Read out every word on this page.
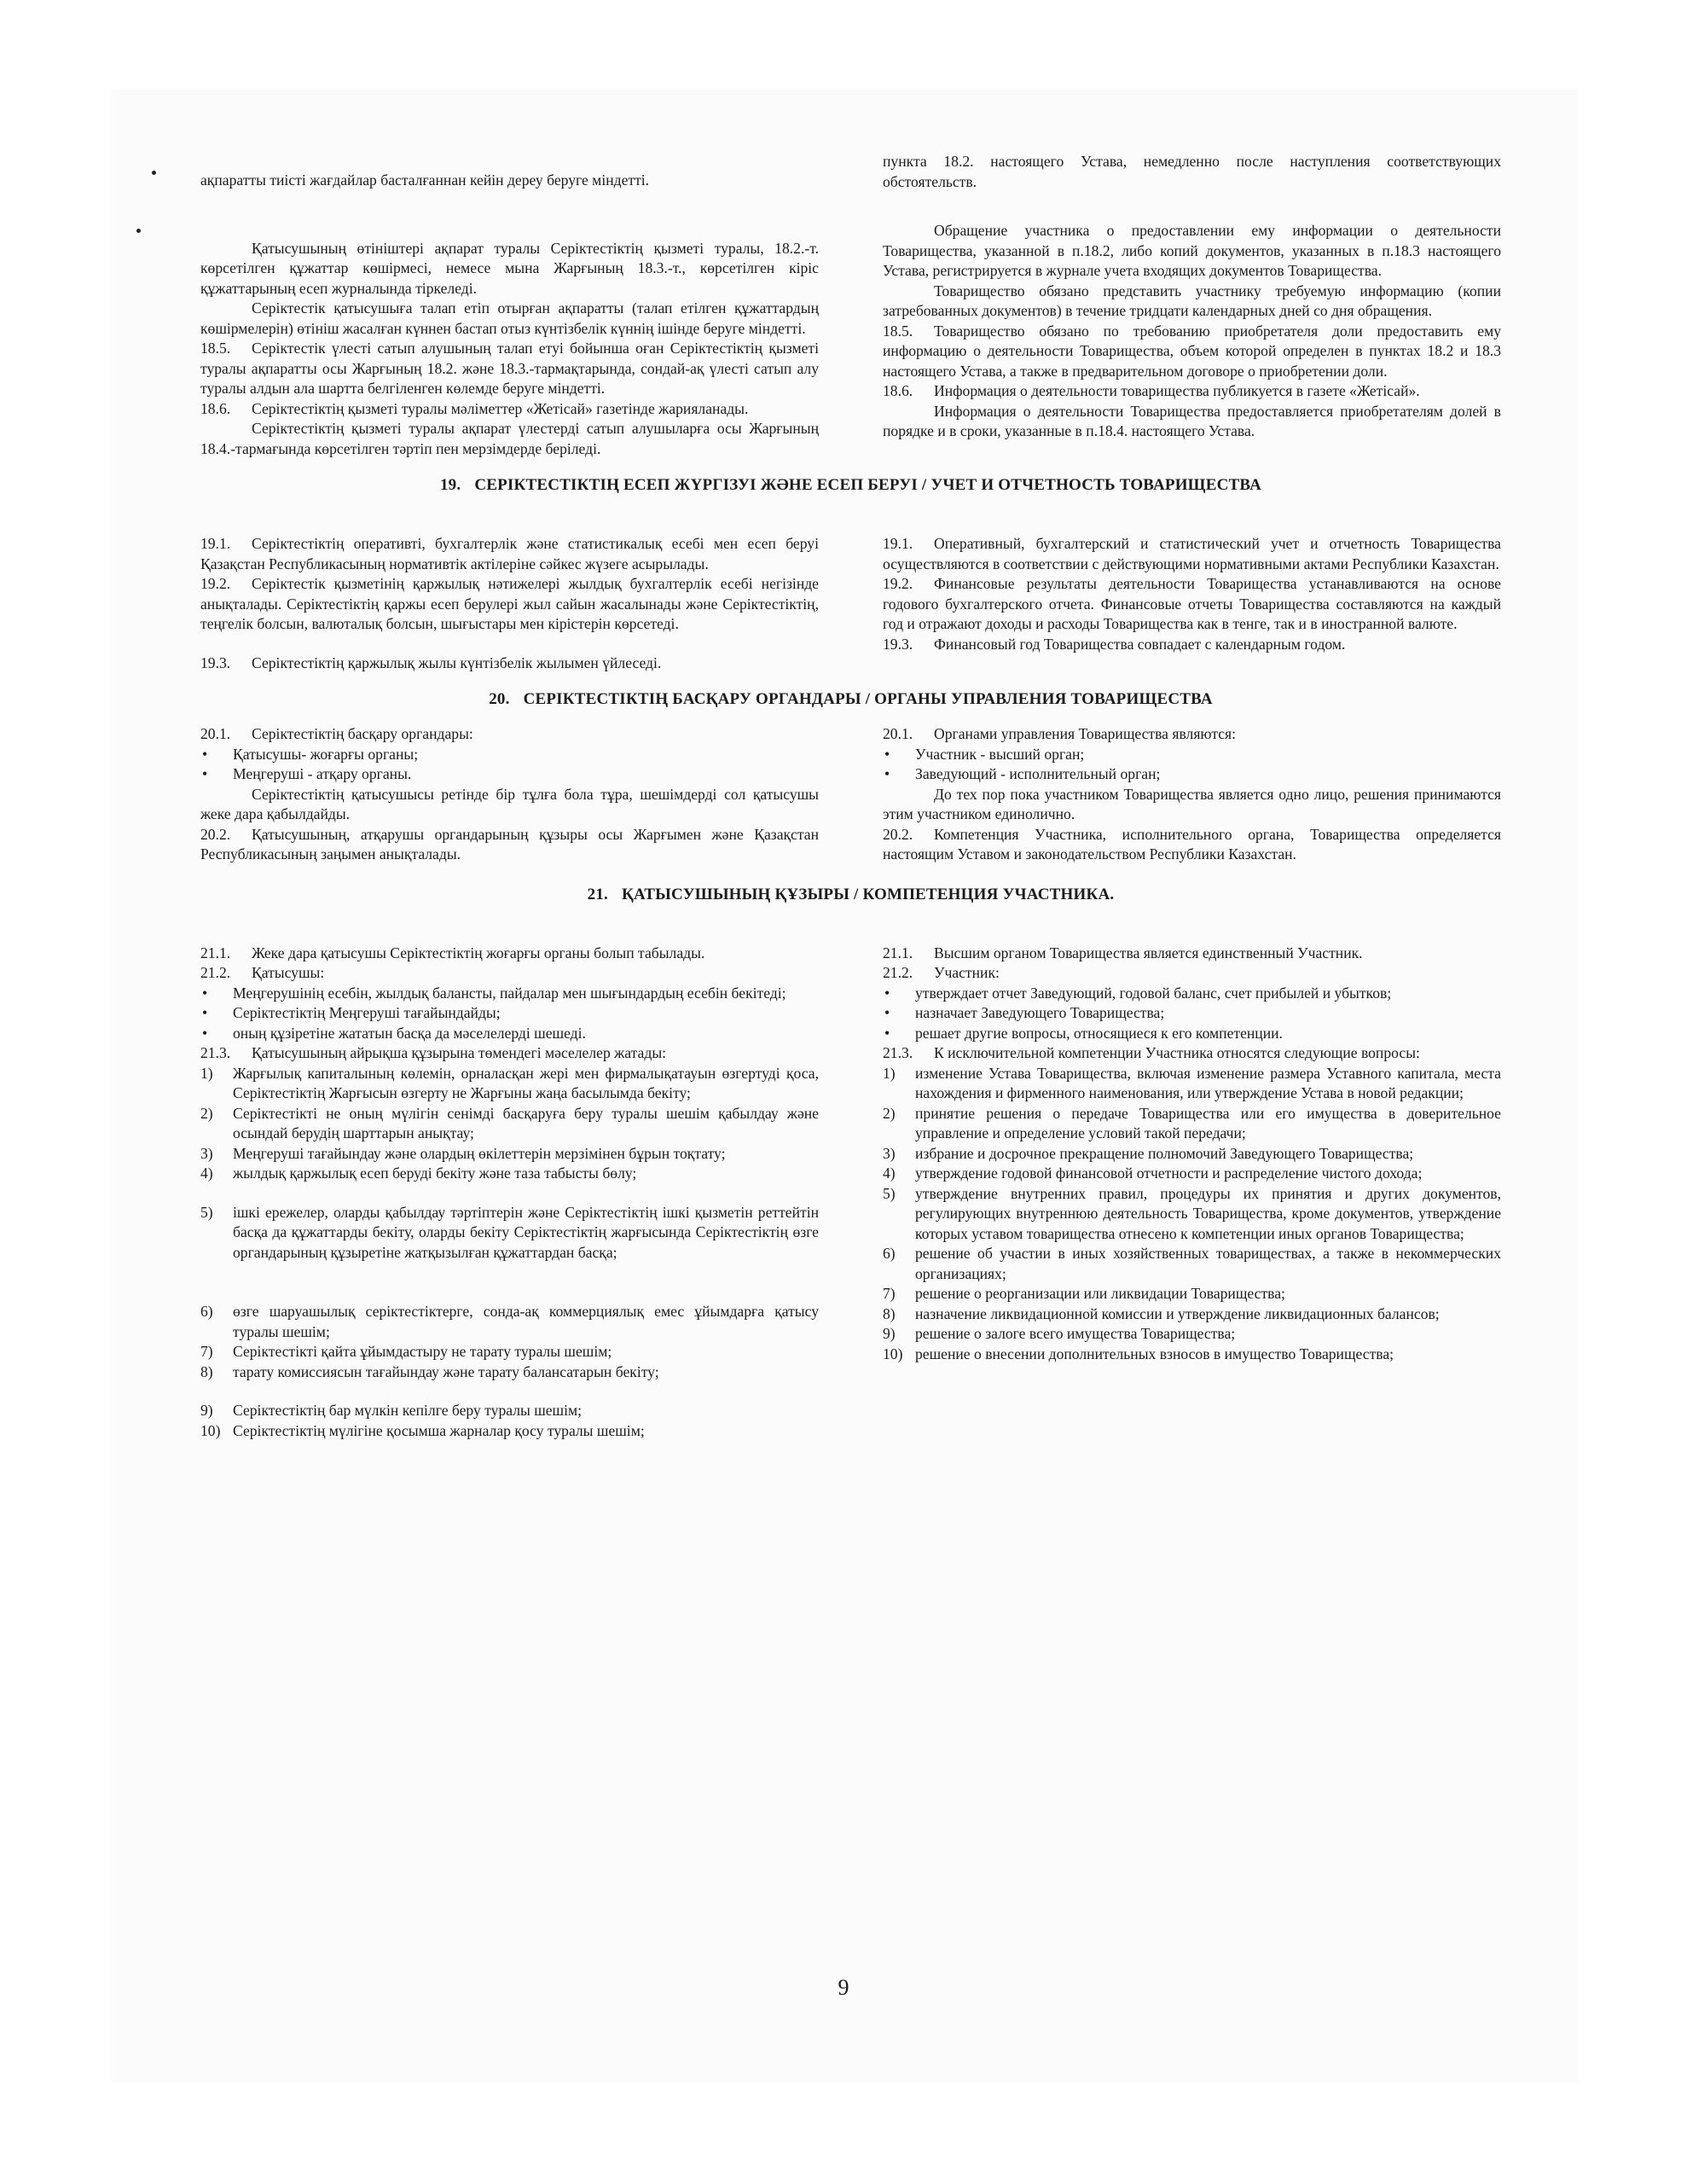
ақпаратты тиісті жағдайлар басталғаннан кейін дереу беруге міндетті.

Қатысушының өтініштері ақпарат туралы Серіктестіктің қызметі туралы, 18.2.-т. көрсетілген құжаттар көшірмесі, немесе мына Жарғының 18.3.-т., көрсетілген кіріс құжаттарының есеп журналында тіркеледі.

Серіктестік қатысушыға талап етіп отырған ақпаратты (талап етілген құжаттардың көшірмелерін) өтініш жасалған күннен бастап отыз күнтізбелік күннің ішінде беруге міндетті.

18.5. Серіктестік үлесті сатып алушының талап етуі бойынша оған Серіктестіктің қызметі туралы ақпаратты осы Жарғының 18.2. және 18.3.-тармақтарында, сондай-ақ үлесті сатып алу туралы алдын ала шартта белгіленген көлемде беруге міндетті.

18.6. Серіктестіктің қызметі туралы мәліметтер «Жетісай» газетінде жарияланады.

Серіктестіктің қызметі туралы ақпарат үлестерді сатып алушыларға осы Жарғының 18.4.-тармағында көрсетілген тәртіп пен мерзімдерде беріледі.

пункта 18.2. настоящего Устава, немедленно после наступления соответствующих обстоятельств.

Обращение участника о предоставлении ему информации о деятельности Товарищества, указанной в п.18.2, либо копий документов, указанных в п.18.3 настоящего Устава, регистрируется в журнале учета входящих документов Товарищества.

Товарищество обязано представить участнику требуемую информацию (копии затребованных документов) в течение тридцати календарных дней со дня обращения.

18.5. Товарищество обязано по требованию приобретателя доли предоставить ему информацию о деятельности Товарищества, объем которой определен в пунктах 18.2 и 18.3 настоящего Устава, а также в предварительном договоре о приобретении доли.

18.6. Информация о деятельности товарищества публикуется в газете «Жетісай».

Информация о деятельности Товарищества предоставляется приобретателям долей в порядке и в сроки, указанные в п.18.4. настоящего Устава.

19. СЕРІКТЕСТІКТІҢ ЕСЕП ЖҮРГІЗУІ ЖӘНЕ ЕСЕП БЕРУІ / УЧЕТ И ОТЧЕТНОСТЬ ТОВАРИЩЕСТВА

19.1. Серіктестіктің оперативті, бухгалтерлік және статистикалық есебі мен есеп беруі Қазақстан Республикасының нормативтік актілеріне сәйкес жүзеге асырылады.

19.2. Серіктестік қызметінің қаржылық нәтижелері жылдық бухгалтерлік есебі негізінде анықталады. Серіктестіктің қаржы есеп берулері жыл сайын жасалынады және Серіктестіктің, теңгелік болсын, валюталық болсын, шығыстары мен кірістерін көрсетеді.

19.3. Серіктестіктің қаржылық жылы күнтізбелік жылымен үйлеседі.

19.1. Оперативный, бухгалтерский и статистический учет и отчетность Товарищества осуществляются в соответствии с действующими нормативными актами Республики Казахстан.

19.2. Финансовые результаты деятельности Товарищества устанавливаются на основе годового бухгалтерского отчета. Финансовые отчеты Товарищества составляются на каждый год и отражают доходы и расходы Товарищества как в тенге, так и в иностранной валюте.

19.3. Финансовый год Товарищества совпадает с календарным годом.

20. СЕРІКТЕСТІКТІҢ БАСҚАРУ ОРГАНДАРЫ / ОРГАНЫ УПРАВЛЕНИЯ ТОВАРИЩЕСТВА

20.1. Серіктестіктің басқару органдары:

• Қатысушы- жоғарғы органы;
• Меңгеруші - атқару органы.

Серіктестіктің қатысушысы ретінде бір тұлға бола тұра, шешімдерді сол қатысушы жеке дара қабылдайды.

20.2. Қатысушының, атқарушы органдарының құзыры осы Жарғымен және Қазақстан Республикасының заңымен анықталады.

20.1. Органами управления Товарищества являются:

• Участник - высший орган;
• Заведующий - исполнительный орган;

До тех пор пока участником Товарищества является одно лицо, решения принимаются этим участником единолично.

20.2. Компетенция Участника, исполнительного органа, Товарищества определяется настоящим Уставом и законодательством Республики Казахстан.

21. ҚАТЫСУШЫНЫҢ ҚҰЗЫРЫ / КОМПЕТЕНЦИЯ УЧАСТНИКА.

21.1. Жеке дара қатысушы Серіктестіктің жоғарғы органы болып табылады.

21.2. Қатысушы:

• Меңгерушінің есебін, жылдық балансты, пайдалар мен шығындардың есебін бекітеді;
• Серіктестіктің Меңгеруші тағайындайды;
• оның құзіретіне жататын басқа да мәселелерді шешеді.

21.3. Қатысушының айрықша құзырына төмендегі мәселелер жатады:

1)	Жарғылық капиталының көлемін, орналасқан жері мен фирмалықатауын өзгертуді қоса, Серіктестіктің Жарғысын өзгерту не Жарғыны жаңа басылымда бекіту;
2)	Серіктестікті не оның мүлігін сенімді басқаруға беру туралы шешім қабылдау және осындай берудің шарттарын анықтау;
3)	Меңгеруші тағайындау және олардың өкілеттерін мерзімінен бұрын тоқтату;
4)	жылдық қаржылық есеп беруді бекіту және таза табысты бөлу;
5)	ішкі ережелер, оларды қабылдау тәртіптерін және Серіктестіктің ішкі қызметін реттейтін басқа да құжаттарды бекіту, оларды бекіту Серіктестіктің жарғысында Серіктестіктің өзге органдарының құзыретіне жатқызылған құжаттардан басқа;
6)	өзге шаруашылық серіктестіктерге, сонда-ақ коммерциялық емес ұйымдарға қатысу туралы шешім;
7)	Серіктестікті қайта ұйымдастыру не тарату туралы шешім;
8)	тарату комиссиясын тағайындау және тарату балансатарын бекіту;
9)	Серіктестіктің бар мүлкін кепілге беру туралы шешім;
10) Серіктестіктің мүлігіне қосымша жарналар қосу туралы шешім;

21.1. Высшим органом Товарищества является единственный Участник.

21.2. Участник:

• утверждает отчет Заведующий, годовой баланс, счет прибылей и убытков;
• назначает Заведующего Товарищества;
• решает другие вопросы, относящиеся к его компетенции.

21.3. К исключительной компетенции Участника относятся следующие вопросы:

1)	изменение Устава Товарищества, включая изменение размера Уставного капитала, места нахождения и фирменного наименования, или утверждение Устава в новой редакции;
2)	принятие решения о передаче Товарищества или его имущества в доверительное управление и определение условий такой передачи;
3)	избрание и досрочное прекращение полномочий Заведующего Товарищества;
4)	утверждение годовой финансовой отчетности и распределение чистого дохода;
5)	утверждение внутренних правил, процедуры их принятия и других документов, регулирующих внутреннюю деятельность Товарищества, кроме документов, утверждение которых уставом товарищества отнесено к компетенции иных органов Товарищества;
6)	решение об участии в иных хозяйственных товариществах, а также в некоммерческих организациях;
7)	решение о реорганизации или ликвидации Товарищества;
8)	назначение ликвидационной комиссии и утверждение ликвидационных балансов;
9)	решение о залоге всего имущества Товарищества;
10) решение о внесении дополнительных взносов в имущество Товарищества;
9
